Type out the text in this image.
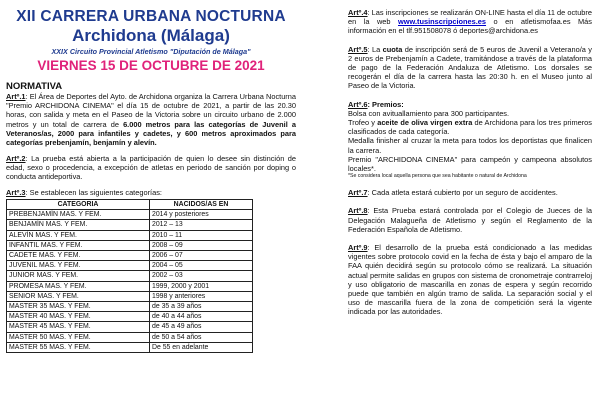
XII CARRERA URBANA NOCTURNA
Archidona (Málaga)
XXIX Circuito Provincial Atletismo "Diputación de Málaga"
VIERNES 15 DE OCTUBRE DE 2021
NORMATIVA

Artº.1: El Área de Deportes del Ayto. de Archidona organiza la Carrera Urbana Nocturna "Premio ARCHIDONA CINEMA" el día 15 de octubre de 2021, a partir de las 20.30 horas, con salida y meta en el Paseo de la Victoria sobre un circuito urbano de 2.000 metros y un total de carrera de 6.000 metros para las categorías de Juvenil a Veteranos/as, 2000 para infantiles y cadetes, y 600 metros aproximados para categorías prebenjamín, benjamín y alevín.

Artº.2: La prueba está abierta a la participación de quien lo desee sin distinción de edad, sexo o procedencia, a excepción de atletas en periodo de sanción por doping o conducta antideportiva.

Artº.3: Se establecen las siguientes categorías:

CATEGORIA	NACIDOS/AS EN
PREBENJAMÍN MAS. Y FEM.	2014 y posteriores
BENJAMÍN MAS. Y FEM.	2012 – 13
ALEVÍN MAS. Y FEM.	2010 – 11
INFANTIL MAS. Y FEM.	2008 – 09
CADETE MAS. Y FEM.	2006 – 07
JUVENIL MAS. Y FEM.	2004 – 05
JUNIOR MAS. Y FEM.	2002 – 03
PROMESA MAS. Y FEM.	1999, 2000 y 2001
SENIOR MAS. Y FEM.	1998 y anteriores
MASTER 35 MAS. Y FEM.	de 35 a 39 años
MASTER 40 MAS. Y FEM.	de 40 a 44 años
MASTER 45 MAS. Y FEM.	de 45 a 49 años
MASTER 50 MAS. Y FEM.	de 50 a 54 años
MASTER 55 MAS. Y FEM.	De 55 en adelante

Artº.4: Las inscripciones se realizarán ON-LINE hasta el día 11 de octubre en la web www.tusinscripciones.es o en atletismofaa.es Más información en el tlf.951508078 ó deportes@archidona.es

Artº.5: La cuota de inscripción será de 5 euros de Juvenil a Veterano/a y 2 euros de Prebenjamín a Cadete, tramitándose a través de la plataforma de pago de la Federación Andaluza de Atletismo. Los dorsales se recogerán el día de la carrera hasta las 20:30 h. en el Museo junto al Paseo de la Victoria.

Artº.6: Premios:

Bolsa con avituallamiento para 300 participantes.

Trofeo y aceite de oliva virgen extra de Archidona para los tres primeros clasificados de cada categoría.

Medalla finisher al cruzar la meta para todos los deportistas que finalicen la carrera.

Premio "ARCHIDONA CINEMA" para campeón y campeona absolutos locales*.

*Se considera local aquella persona que sea habitante o natural de Archidona

Artº.7: Cada atleta estará cubierto por un seguro de accidentes.

Artº.8: Esta Prueba estará controlada por el Colegio de Jueces de la Delegación Malagueña de Atletismo y según el Reglamento de la Federación Española de Atletismo.

Artº.9: El desarrollo de la prueba está condicionado a las medidas vigentes sobre protocolo covid en la fecha de ésta y bajo el amparo de la FAA quién decidirá según su protocolo cómo se realizará. La situación actual permite salidas en grupos con sistema de cronometraje contrarreloj y uso obligatorio de mascarilla en zonas de espera y según recorrido puede que también en algún tramo de salida. La separación social y el uso de mascarilla fuera de la zona de competición será la vigente indicada por las autoridades.
